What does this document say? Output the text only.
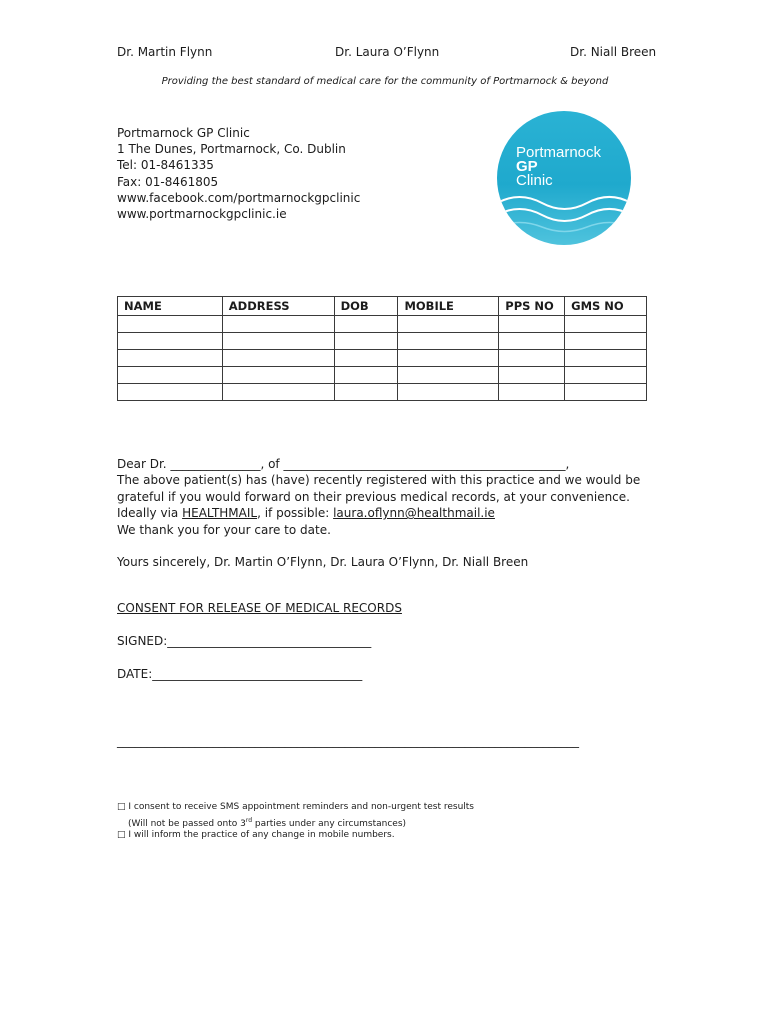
Dr. Martin Flynn	Dr. Laura O’Flynn	Dr. Niall Breen
Providing the best standard of medical care for the community of Portmarnock & beyond
Portmarnock GP Clinic
1 The Dunes, Portmarnock, Co. Dublin
Tel: 01-8461335
Fax: 01-8461805
www.facebook.com/portmarnockgpclinic
www.portmarnockgpclinic.ie
Portmarnock
GP
Clinic
NAME	ADDRESS	DOB	MOBILE	PPS NO	GMS NO

Dear Dr. _______________, of _______________________________________________,
The above patient(s) has (have) recently registered with this practice and we would be
grateful if you would forward on their previous medical records, at your convenience.
Ideally via HEALTHMAIL, if possible: laura.oflynn@healthmail.ie
We thank you for your care to date.
Yours sincerely, Dr. Martin O’Flynn, Dr. Laura O’Flynn, Dr. Niall Breen
CONSENT FOR RELEASE OF MEDICAL RECORDS
SIGNED:__________________________________
DATE:___________________________________
_____________________________________________________________________________
□ I consent to receive SMS appointment reminders and non-urgent test results
(Will not be passed onto 3rd parties under any circumstances)
□ I will inform the practice of any change in mobile numbers.
